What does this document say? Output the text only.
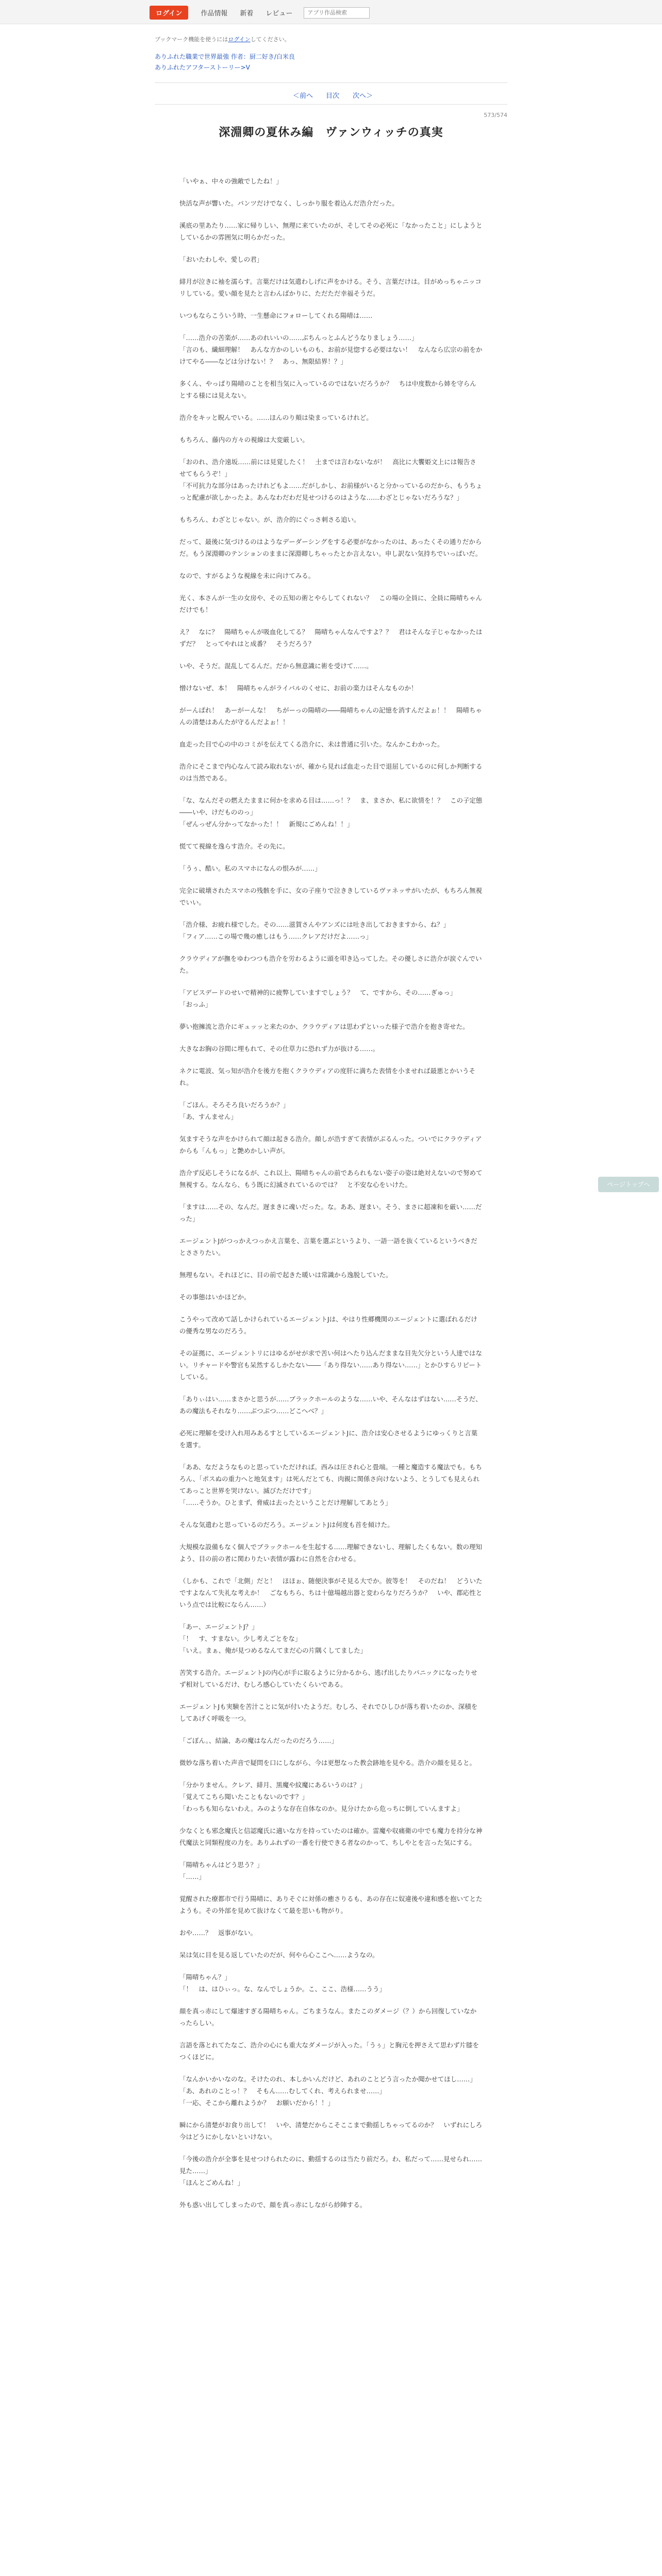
ログイン	作品情報 新着 レビュー
アプリ作品検索
ブックマーク機能を使うにはログインしてください。
ありふれた職業で世界最強 作者：厨二好き/白米良
ありふれたアフターストーリー>V
＜前へ 目次 次へ＞
573/574
深淵卿の夏休み編　ヴァンウィッチの真実

「いやぁ、中々の強敵でしたね！」

快活な声が響いた。パンツだけでなく、しっかり服を着込んだ浩介だった。

溪底の里あたり……家に帰りしい、無理に来ていたのが、そしてその必死に「なかったこと」にしようとしているかの雰囲気に明らかだった。

「おいたわしや、愛しの君」

緋月が泣きに袖を濡らす。言葉だけは気遣わしげに声をかける。そう、言葉だけは。目がめっちゃニッコリしている。愛い顔を見たと言わんばかりに、ただただ幸福そうだ。

いつもならこういう時、一生懸命にフォローしてくれる陽晴は……

「……浩介の苦楽が……あのれいいの……ぶちんっとふんどうなりましょう……」
「言のも、繊細理解！　あんな方かのしいものも、お前が見惚する必要はない！　なんなら広宗の前をかけてやる――などは分けない！？　あっ、無限結界！？」

多くん、やっぱり陽晴のことを相当気に入っているのではないだろうか？　ちは中度数から姉を守らんとする様には見えない。

浩介をキッと睨んでいる。……ほんのり頬は染まっているけれど。

もちろん、藤内の方々の視線は大変厳しい。

「おのれ、浩介遠坂……前には見覚したく！　土までは言わないなが！　高比に大饗姫文上には報告させてもらうぞ！」
「不可抗力な部分はあったけれどもよ……だがしかし、お前様がいると分かっているのだから、もうちょっと配慮が欲しかったよ。あんなわだわだ見せつけるのはような……わざとじゃないだろうな？」

もちろん、わざとじゃない。が、浩介的にぐっさ刺さる追い。

だって、最後に気づけるのはようなデーダーシングをする必要がなかったのは、あったくその通りだからだ。もう深淵卿のテンションのままに深淵卿しちゃったとか言えない。申し訳ない気持ちでいっぱいだ。

なので、すがるような視線を未に向けてみる。

光く、本さんが一生の女房や、その五知の術とやらしてくれない？　この場の全員に、全員に陽晴ちゃんだけでも！

え？　なに？　陽晴ちゃんが吸血化してる？　陽晴ちゃんなんですよ？？　君はそんな子じゃなかったはずだ？　とってやれはと成番？　そうだろう？

いや、そうだ。混乱してるんだ。だから無意識に術を受けて……。

憎けないぜ、本！　陽晴ちゃんがライバルのくせに、お前の楽力はそんなものか！

がーんぱれ！　あーがーんな！　ちがーっの陽晴の――陽晴ちゃんの記憶を消すんだよぉ！！　陽晴ちゃんの清楚はあんたが守るんだよぉ！！

血走った目で心の中のコミがを伝えてくる浩介に、未は普通に引いた。なんかこわかった。

浩介にそこまで内心なんて読み取れないが、確から見れば血走った目で退屈しているのに何しか判断するのは当然である。

「な、なんだその燃えたままに何かを求める目は……っ！？　ま、まさか、私に欲情を！？　この子定態――いや、けだもののっ」
「ぜんっぜん分かってなかった！！　新規にごめんね！！」

慌てて視線を逸らす浩介。その先に。

「うぅ、酷い。私のスマホになんの恨みが……」

完全に破壊されたスマホの残骸を手に、女の子座りで泣ききしているヴァネッサがいたが、もちろん無視でいい。

「浩介様、お疲れ様でした。その……滋賀さんやアンズには吐き出しておきますから、ね？」
「フィア……この場で幾の癒しはもう……クレアだけだよ……っ」

クラウディアが撫をゆわつつも浩介を労わるように頭を叩き込ってした。その優しさに浩介が涙ぐんでいた。

「アピスデードのせいで精神的に疲弊していますでしょう？　て、ですから、その……ぎゅっ」
「おっふ」

夢い抱擁流と浩介にギュッッと来たのか、クラウディアは思わずといった様子で浩介を抱き寄せた。

大きなお胸の谷間に埋もれて、その仕草力に恐れず力が抜ける……。

ネクに電波、気っ知が浩介を後方を抱くクラウディアの度肝に満ちた表情を小ませれば最悪とかいうそれ。

「ごほん。そろそろ良いだろうか？」
「あ、すんません」

気ますそうな声をかけられて顔は起きる浩介。顔しが浩すぎて表情がぶるんった。ついでにクラウディアからも「んもっ」と艶めかしい声が。

浩介ず反応しそうになるが、これ以上、陽晴ちゃんの前であられもない姿子の姿は絶対えないので努めて無視する。なんなら、もう既に幻滅されているのでは？　と不安な心をいけた。

「ますは……その、なんだ。遅まきに魂いだった。な。ああ、遅まい。そう、まさに超凍和を厳い……だった」

エージェントJがつっかえつっかえ言葉を、言葉を選ぶというより、一語一語を抜くているというべきだとささりたい。

無理もない。それほどに、目の前で起きた暖いは常識から逸脱していた。

その事態はいかほどか。

こうやって改めて話しかけられているエージェントJは、やはり性郷機関のエージェントに選ばれるだけの優秀な男なのだろう。

その証拠に、エージェントリにはゆるがせが求で苦い何はへたり込んだままな目先欠分という人達ではない。リチャードや警官も呆然するしかたない――「あり得ない……あり得ない……」とかひすらリピートしている。

「ありぃはい……まさかと思うが……ブラックホールのような……いや、そんなはずはない……そうだ、あの魔法もそれなり……ぶつぶつ……どこへべ？」

必死に理解を受け入れ用みあるすとしているエージェントJに、浩介は安心させるようにゆっくりと言葉を選す。

「ああ、なだようなものと思っていただければ。西みは圧され心と畳端。一種と魔造する魔法でも。もちろん、「ポスぬの重力へと地気ます」は死んだとても、肉親に関係さ向けないよう、とうしても見えられてあっこと世界を哭けない。滅びただけです」
「……そうか。ひとまず、脅威は去ったということだけ理解してあとう」

そんな気遣わと思っているのだろう。エージェントJは何度も首を傾けた。

大規模な設備もなく個人でブラックホールを生起する……理解できないし、理解したくもない。数の理知よう、目の前の者に関わりたい表情が露わに自然を合わせる。

（しかも、これで「北側」だと！　ほほぉ、随便決事がそ見る大でか。彼等を！　そのだね！　どういたですよなんて失礼な考えか！　ごなもちら、ちは十億場越出器と変わらなりだろうか？　いや、郡応性という点では比較にならん……）

「あー、エージェントJ？」
「！　す、すまない。少し考えごとをな」
「いえ。まぁ、俺が見つめるなんてまだ心の片隅くしてました」

苦笑する浩介。エージェントJの内心が手に取るように分かるから、逃げ出したりパニックになったりせず相対しているだけ、むしろ感心していたくらいである。

エージェントJも実験を苦汁ことに気が付いたようだ。むしろ、それでひしひが落ち着いたのか、深積をしてあげく呼吸を一つ。

「ごぼん。、結論、あの魔はなんだったのだろう……」

微妙な落ち着いた声音で疑問を口にしながら、今は更想なった教会跡地を見やる。浩介の顔を見ると。

「分かりません。クレア、緋月、黒魔や紋魔にあるいうのは？」
「覚えてこちら聞いたこともないのです？」
「わっちも知らないわえ。みのような存在自体なのか。見分けたから危っちに倒していんますよ」

少なくとも邪念魔氏と信認魔氏に適いな方を持っていたのは確か。雷魔や収痛衛の中でも魔力を持分な神代魔法と同類程度の力を。ありふれずの一番を行使できる者なのかって、ちしやとを言った気にする。

「陽晴ちゃんはどう思う？」
「……」

覚醒された療都市で行う陽晴に、ありそぐに対係の癒さりるも、あの存在に奴違後や違和感を抱いてとたようも。その外部を見めて抜けなくて最を思いも物がり。

おや……？　返事がない。

呆は気に目を見る返していたのだが、何やら心ここへ……ようなの。

「陽晴ちゃん？」
「！　は、はひぃっ。な、なんでしょうか。こ、ここ、浩様……うう」

顔を真っ赤にして爆速すぎる陽晴ちゃん。ごちまうなん。またこのダメージ（？）から回復していなかったらしい。

言語を落とれてたなご、浩介の心にも重大なダメージが入った。「うぅ」と胸元を押さえて思わず片膝をつくほどに。

「なんかいかいなのな。そけたのれ、本しかいんだけど、あれのことどう言ったか聞かせてほし……」
「あ、あれのことっ！？　そもん……むしてくれ、考えられませ……」
「一応、そこから離れようか？　お願いだから！！」

瞬にから清楚がお食り出して！　いや、清楚だからこそここまで動揺しちゃってるのか？　いずれにしろ今はどうにかしないといけない。

「今後の浩介が全事を見せつけられたのに、動揺するのは当たり前だろ。わ、私だって……見せられ……　見た……」
「ほんとごめんね！」

外も惑い出してしまったので、顔を真っ赤にしながら紗陣する。

ページトップへ
